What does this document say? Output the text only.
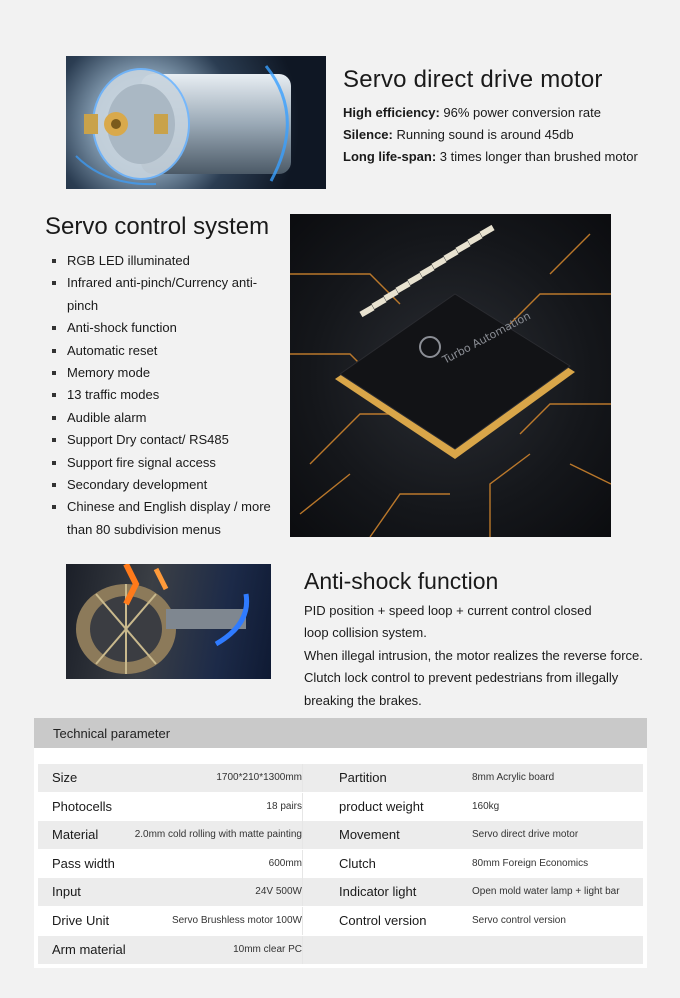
Servo direct drive motor
High efficiency: 96% power conversion rate
Silence: Running sound is around 45db
Long life-span: 3 times longer than brushed motor
Servo control system
RGB LED illuminated
Infrared anti-pinch/Currency anti-pinch
Anti-shock function
Automatic reset
Memory mode
13 traffic modes
Audible alarm
Support Dry contact/ RS485
Support fire signal access
Secondary development
Chinese and English display / more than 80 subdivision menus
Turbo Automation
Anti-shock function
PID position + speed loop + current control closed
loop collision system.
When illegal intrusion, the motor realizes the reverse force.
Clutch lock control to prevent pedestrians from illegally
breaking the brakes.
Technical parameter
Size	1700*210*1300mm	Partition	8mm Acrylic board
Photocells	18 pairs	product weight	160kg
Material	2.0mm cold rolling with matte painting	Movement	Servo direct drive motor
Pass width	600mm	Clutch	80mm Foreign Economics
Input	24V 500W	Indicator light	Open mold water lamp + light bar
Drive Unit	Servo Brushless motor 100W	Control version	Servo control version
Arm material	10mm clear PC
